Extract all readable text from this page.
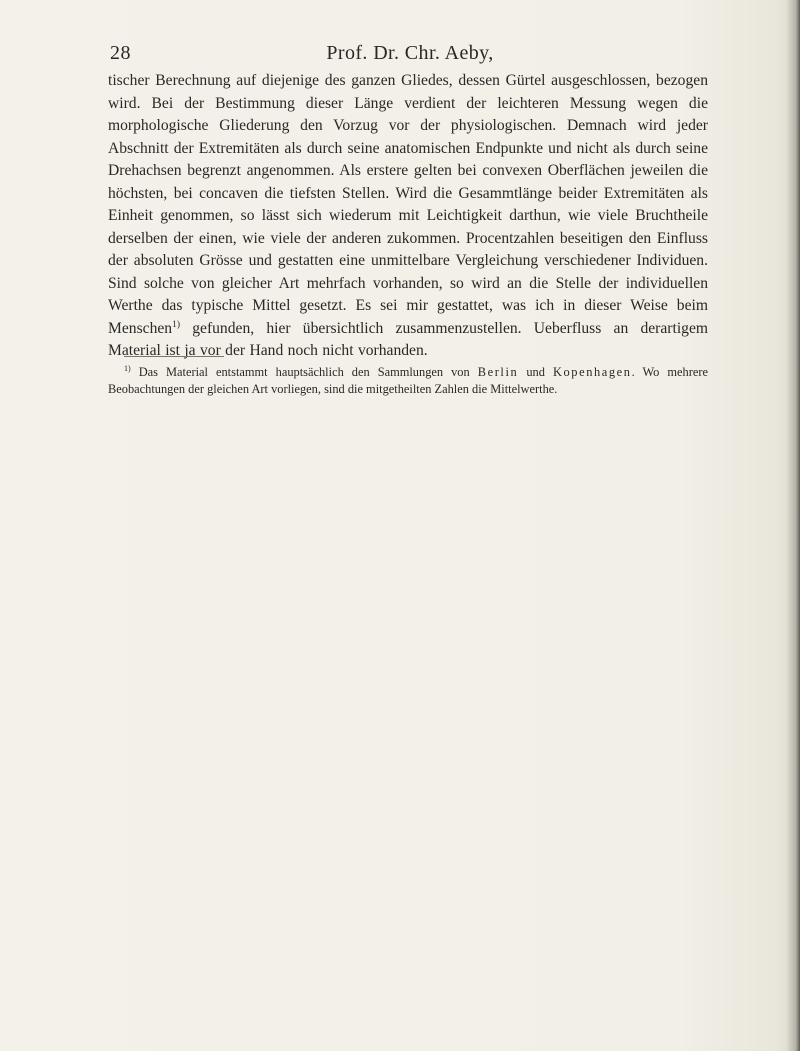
28	Prof. Dr. Chr. Aeby,

tischer Berechnung auf diejenige des ganzen Gliedes, dessen Gürtel ausgeschlossen, bezogen wird. Bei der Bestimmung dieser Länge verdient der leichteren Messung wegen die morphologische Gliederung den Vorzug vor der physiologischen. Demnach wird jeder Abschnitt der Extremitäten als durch seine anatomischen Endpunkte und nicht als durch seine Drehachsen begrenzt angenommen. Als erstere gelten bei convexen Oberflächen jeweilen die höchsten, bei concaven die tiefsten Stellen. Wird die Gesammtlänge beider Extremitäten als Einheit genommen, so lässt sich wiederum mit Leichtigkeit darthun, wie viele Bruchtheile derselben der einen, wie viele der anderen zukommen. Procentzahlen beseitigen den Einfluss der absoluten Grösse und gestatten eine unmittelbare Vergleichung verschiedener Individuen. Sind solche von gleicher Art mehrfach vorhanden, so wird an die Stelle der individuellen Werthe das typische Mittel gesetzt. Es sei mir gestattet, was ich in dieser Weise beim Menschen$^{1)}$ gefunden, hier übersichtlich zusammenzustellen. Ueberfluss an derartigem Material ist ja vor der Hand noch nicht vorhanden.

$^{1)}$ Das Material entstammt hauptsächlich den Sammlungen von Berlin und Kopenhagen. Wo mehrere Beobachtungen der gleichen Art vorliegen, sind die mitgetheilten Zahlen die Mittelwerthe.
